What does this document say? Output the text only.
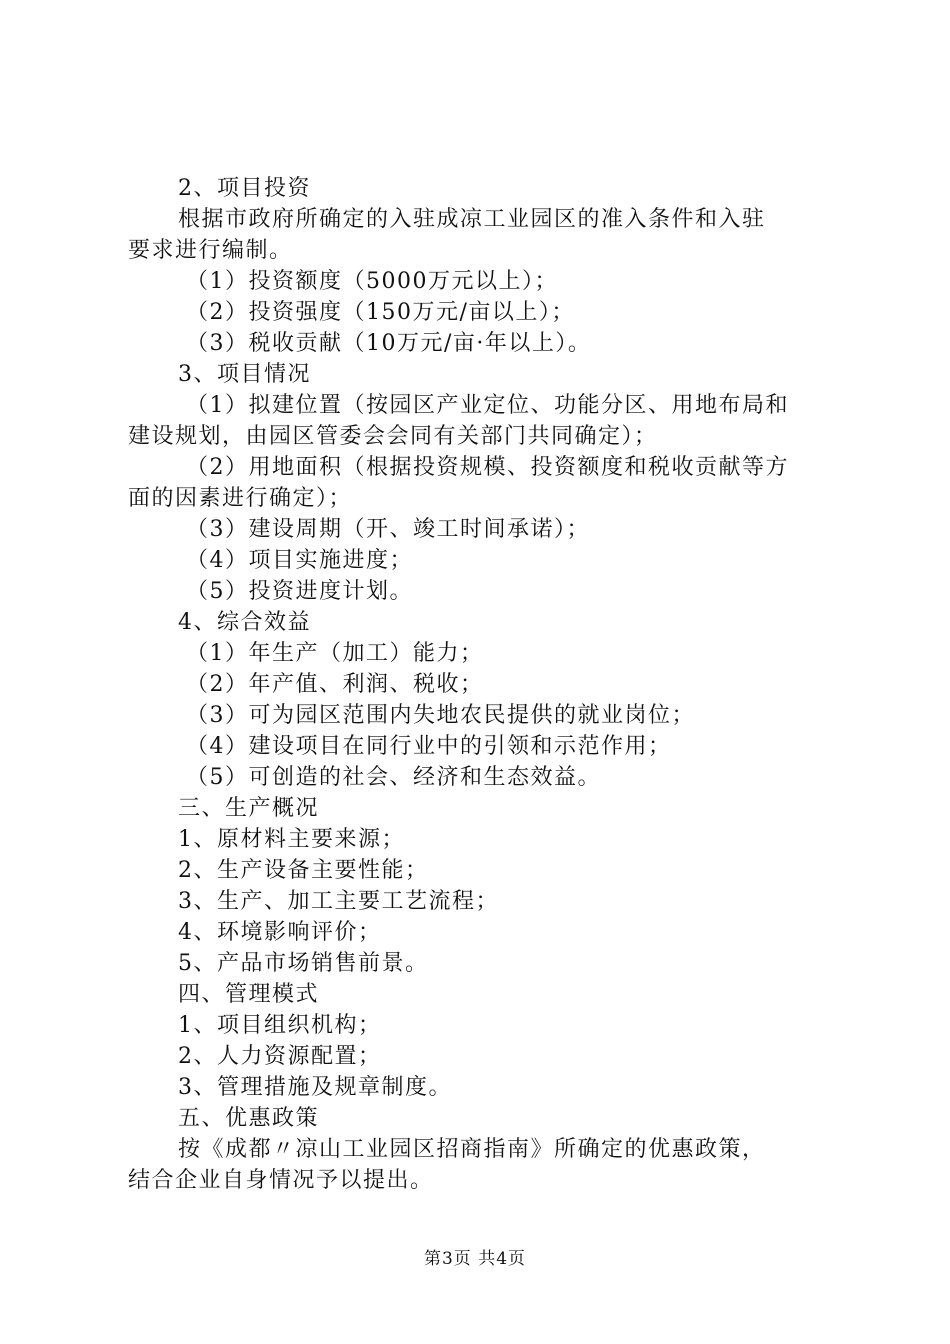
2、项目投资
根据市政府所确定的入驻成凉工业园区的准入条件和入驻
要求进行编制。
（1）投资额度（5000万元以上）；
（2）投资强度（150万元/亩以上）；
（3）税收贡献（10万元/亩·年以上）。
3、项目情况
（1）拟建位置（按园区产业定位、功能分区、用地布局和
建设规划，由园区管委会会同有关部门共同确定）；
（2）用地面积（根据投资规模、投资额度和税收贡献等方
面的因素进行确定）；
（3）建设周期（开、竣工时间承诺）；
（4）项目实施进度；
（5）投资进度计划。
4、综合效益
（1）年生产（加工）能力；
（2）年产值、利润、税收；
（3）可为园区范围内失地农民提供的就业岗位；
（4）建设项目在同行业中的引领和示范作用；
（5）可创造的社会、经济和生态效益。
三、生产概况
1、原材料主要来源；
2、生产设备主要性能；
3、生产、加工主要工艺流程；
4、环境影响评价；
5、产品市场销售前景。
四、管理模式
1、项目组织机构；
2、人力资源配置；
3、管理措施及规章制度。
五、优惠政策
按《成都〃凉山工业园区招商指南》所确定的优惠政策，
结合企业自身情况予以提出。
第3页 共4页
